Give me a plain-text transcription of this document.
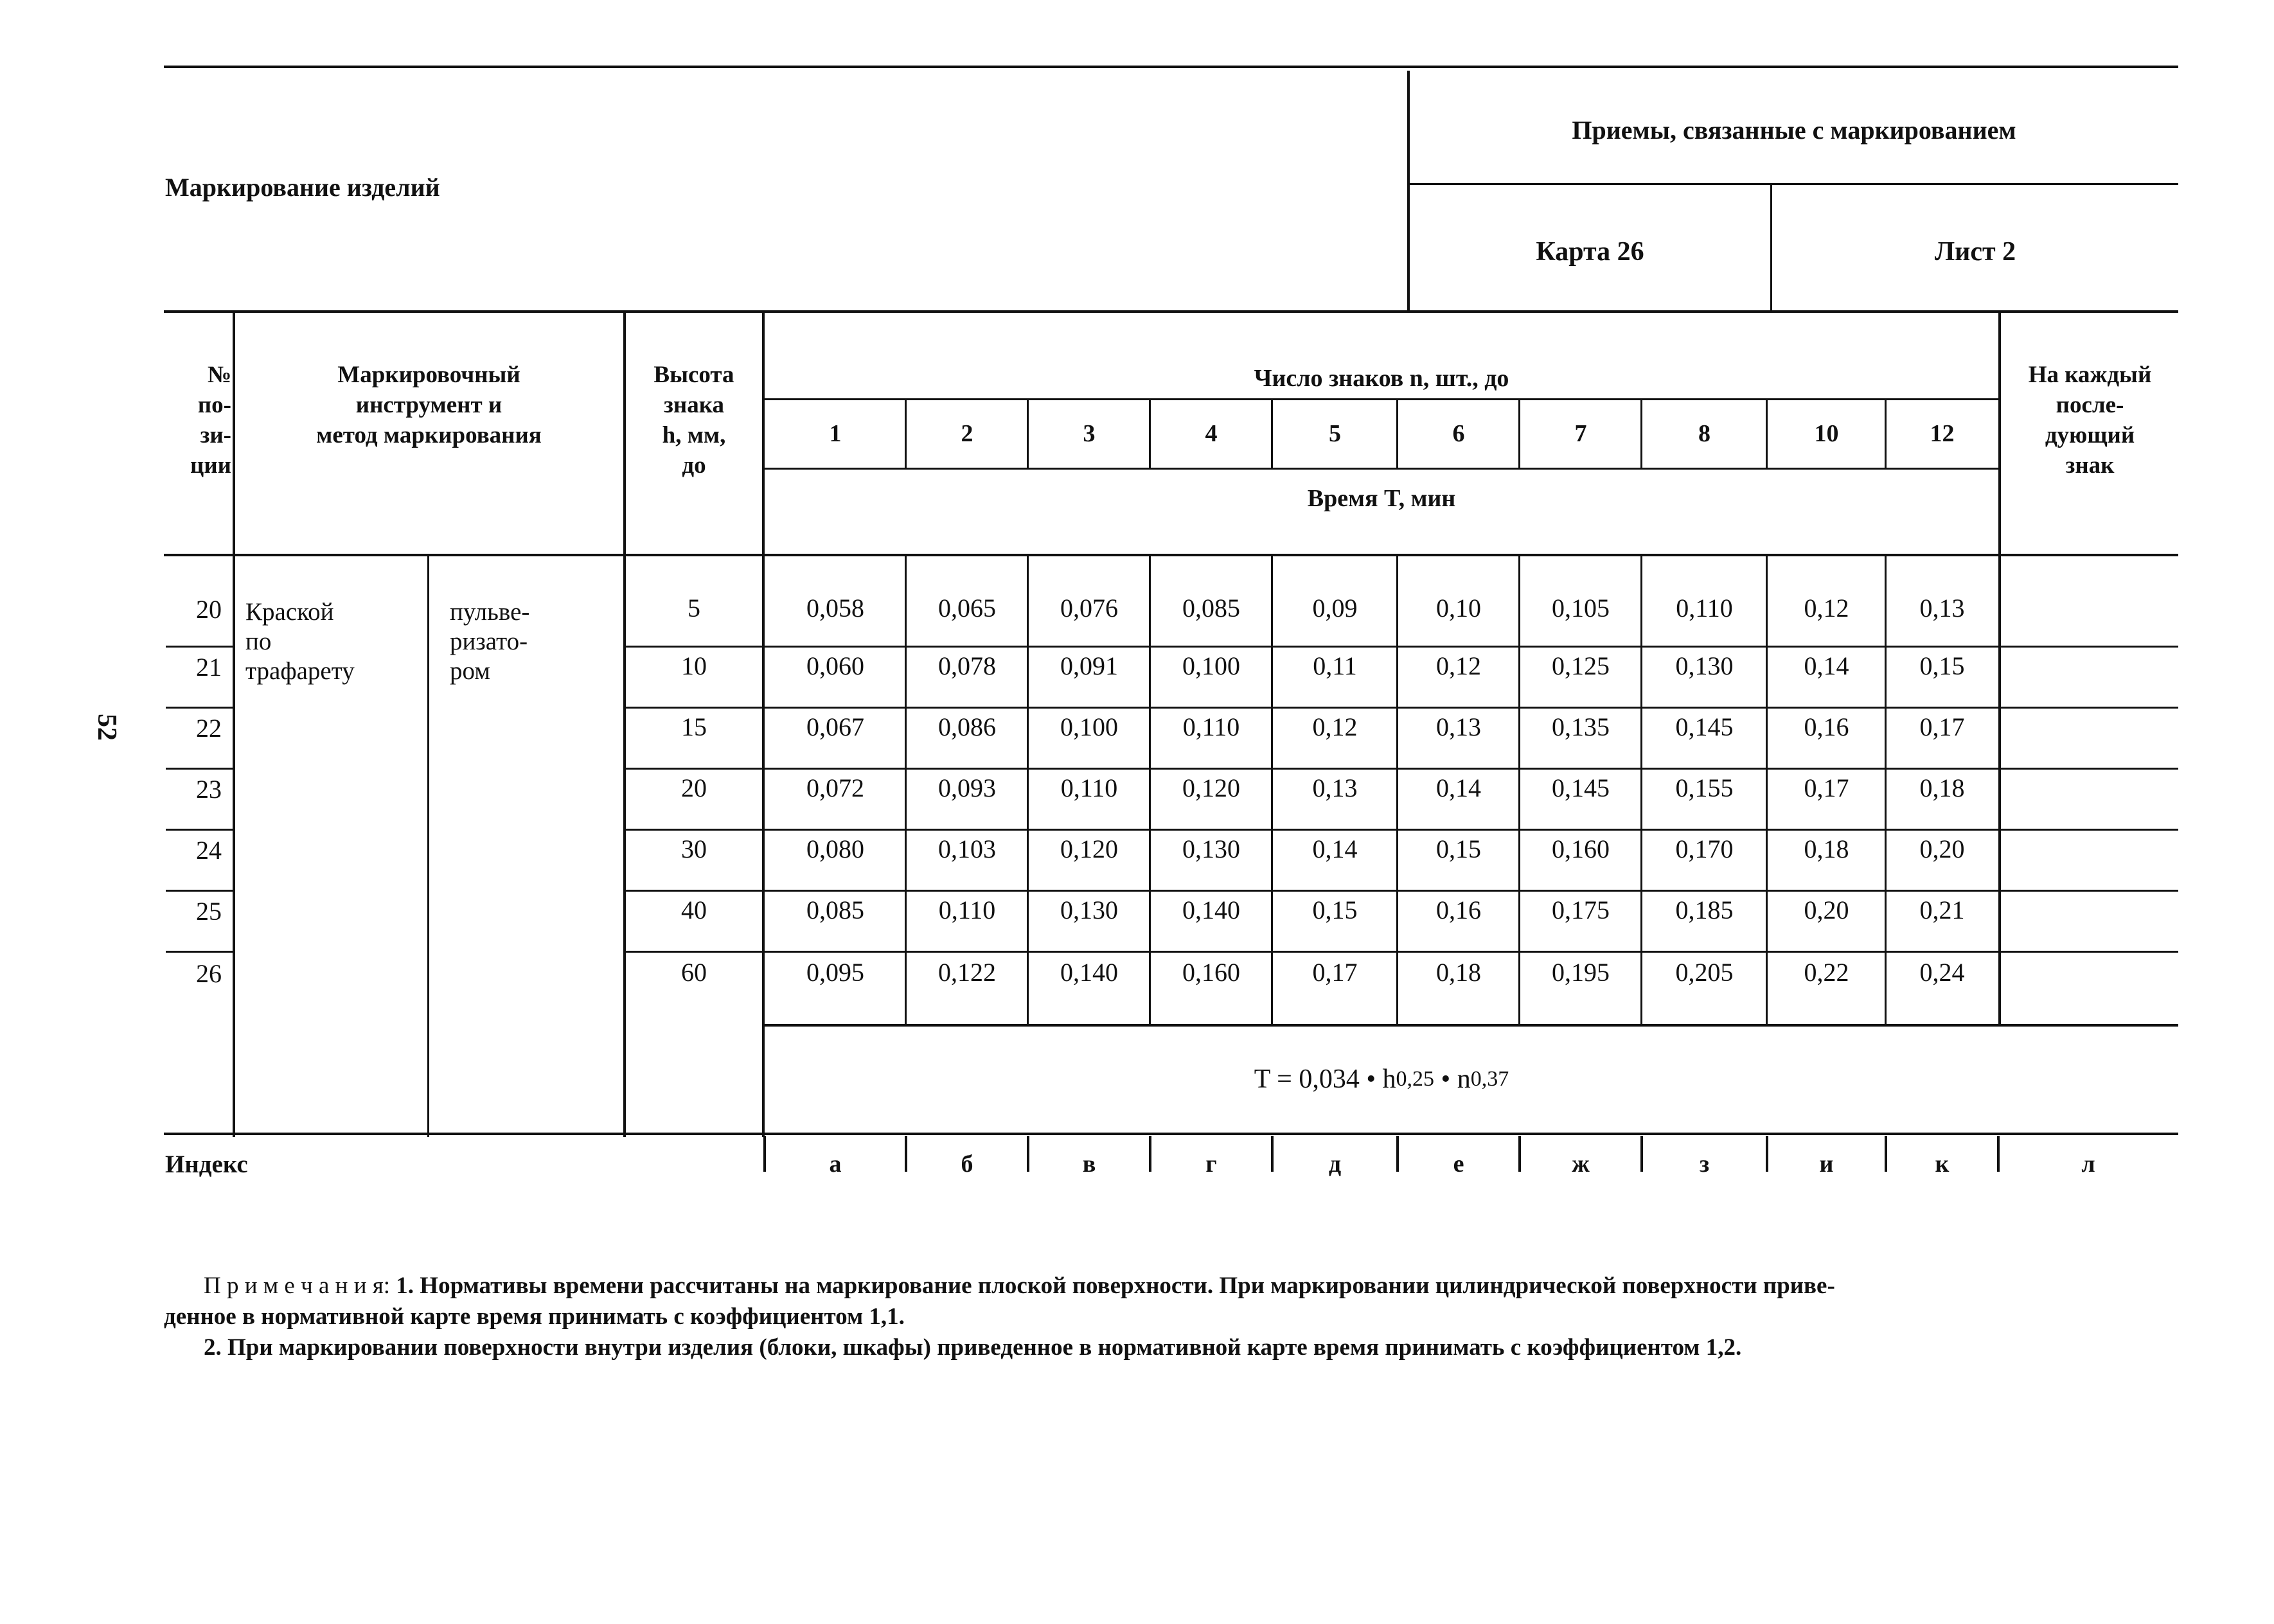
Маркирование изделий
Приемы, связанные с маркированием
Карта 26	Лист 2
52
№
по-
зи-
ции
Маркировочный
инструмент и
метод маркирования
Высота
знака
h, мм,
до
На каждый
после-
дующий
знак
Число знаков n, шт., до
Время T, мин
1	2	3	4	5	6	7	8	10	12
Краской
по
трафарету
пульве-
ризато-
ром
20	5	0,058	0,065	0,076	0,085	0,09	0,10	0,105	0,110	0,12	0,13
21	10	0,060	0,078	0,091	0,100	0,11	0,12	0,125	0,130	0,14	0,15
22	15	0,067	0,086	0,100	0,110	0,12	0,13	0,135	0,145	0,16	0,17
23	20	0,072	0,093	0,110	0,120	0,13	0,14	0,145	0,155	0,17	0,18
24	30	0,080	0,103	0,120	0,130	0,14	0,15	0,160	0,170	0,18	0,20
25	40	0,085	0,110	0,130	0,140	0,15	0,16	0,175	0,185	0,20	0,21
26	60	0,095	0,122	0,140	0,160	0,17	0,18	0,195	0,205	0,22	0,24
T = 0,034 • h 0,25 • n 0,37
Индекс	а	б	в	г	д	е	ж	з	и	к	л
П р и м е ч а н и я: 1. Нормативы времени рассчитаны на маркирование плоской поверхности. При маркировании цилиндрической поверхности приве-
денное в нормативной карте время принимать с коэффициентом 1,1.
2. При маркировании поверхности внутри изделия (блоки, шкафы) приведенное в нормативной карте время принимать с коэффициентом 1,2.
